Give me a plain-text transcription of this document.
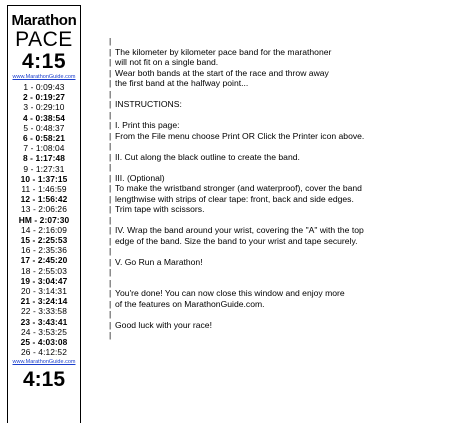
Marathon
PACE
4:15
www.MarathonGuide.com
1 - 0:09:43
2 - 0:19:27
3 - 0:29:10
4 - 0:38:54
5 - 0:48:37
6 - 0:58:21
7 - 1:08:04
8 - 1:17:48
9 - 1:27:31
10 - 1:37:15
11 - 1:46:59
12 - 1:56:42
13 - 2:06:26
HM - 2:07:30
14 - 2:16:09
15 - 2:25:53
16 - 2:35:36
17 - 2:45:20
18 - 2:55:03
19 - 3:04:47
20 - 3:14:31
21 - 3:24:14
22 - 3:33:58
23 - 3:43:41
24 - 3:53:25
25 - 4:03:08
26 - 4:12:52
www.MarathonGuide.com
4:15
|
| The kilometer by kilometer pace band for the marathoner
| will not fit on a single band.
| Wear both bands at the start of the race and throw away
| the first band at the halfway point...
|
| INSTRUCTIONS:
|
| I. Print this page:
| From the File menu choose Print OR Click the Printer icon above.
|
| II. Cut along the black outline to create the band.
|
| III. (Optional)
| To make the wristband stronger (and waterproof), cover the band
| lengthwise with strips of clear tape: front, back and side edges.
| Trim tape with scissors.
|
| IV. Wrap the band around your wrist, covering the "A" with the top
| edge of the band. Size the band to your wrist and tape securely.
|
| V. Go Run a Marathon!
|
|
| You're done! You can now close this window and enjoy more
| of the features on MarathonGuide.com.
|
| Good luck with your race!
|
